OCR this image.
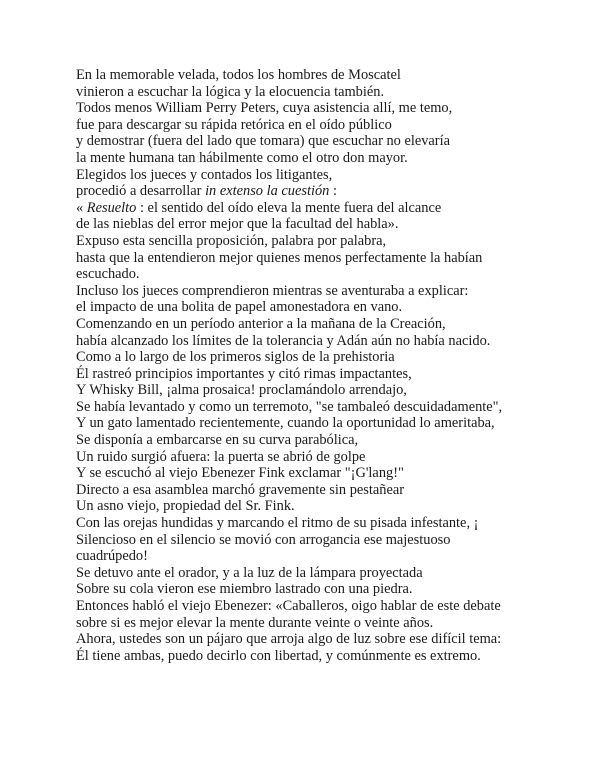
En la memorable velada, todos los hombres de Moscatel
vinieron a escuchar la lógica y la elocuencia también.
Todos menos William Perry Peters, cuya asistencia allí, me temo,
fue para descargar su rápida retórica en el oído público
y demostrar (fuera del lado que tomara) que escuchar no elevaría
la mente humana tan hábilmente como el otro don mayor.
Elegidos los jueces y contados los litigantes,
procedió a desarrollar in extenso la cuestión :
« Resuelto : el sentido del oído eleva la mente fuera del alcance
de las nieblas del error mejor que la facultad del habla».
Expuso esta sencilla proposición, palabra por palabra,
hasta que la entendieron mejor quienes menos perfectamente la habían
escuchado.
Incluso los jueces comprendieron mientras se aventuraba a explicar:
el impacto de una bolita de papel amonestadora en vano.
Comenzando en un período anterior a la mañana de la Creación,
había alcanzado los límites de la tolerancia y Adán aún no había nacido.
Como a lo largo de los primeros siglos de la prehistoria
Él rastreó principios importantes y citó rimas impactantes,
Y Whisky Bill, ¡alma prosaica! proclamándolo arrendajo,
Se había levantado y como un terremoto, "se tambaleó descuidadamente",
Y un gato lamentado recientemente, cuando la oportunidad lo ameritaba,
Se disponía a embarcarse en su curva parabólica,
Un ruido surgió afuera: la puerta se abrió de golpe
Y se escuchó al viejo Ebenezer Fink exclamar "¡G'lang!"
Directo a esa asamblea marchó gravemente sin pestañear
Un asno viejo, propiedad del Sr. Fink.
Con las orejas hundidas y marcando el ritmo de su pisada infestante, ¡
Silencioso en el silencio se movió con arrogancia ese majestuoso
cuadrúpedo!
Se detuvo ante el orador, y a la luz de la lámpara proyectada
Sobre su cola vieron ese miembro lastrado con una piedra.
Entonces habló el viejo Ebenezer: «Caballeros, oigo hablar de este debate
sobre si es mejor elevar la mente durante veinte o veinte años.
Ahora, ustedes son un pájaro que arroja algo de luz sobre ese difícil tema:
Él tiene ambas, puedo decirlo con libertad, y comúnmente es extremo.
